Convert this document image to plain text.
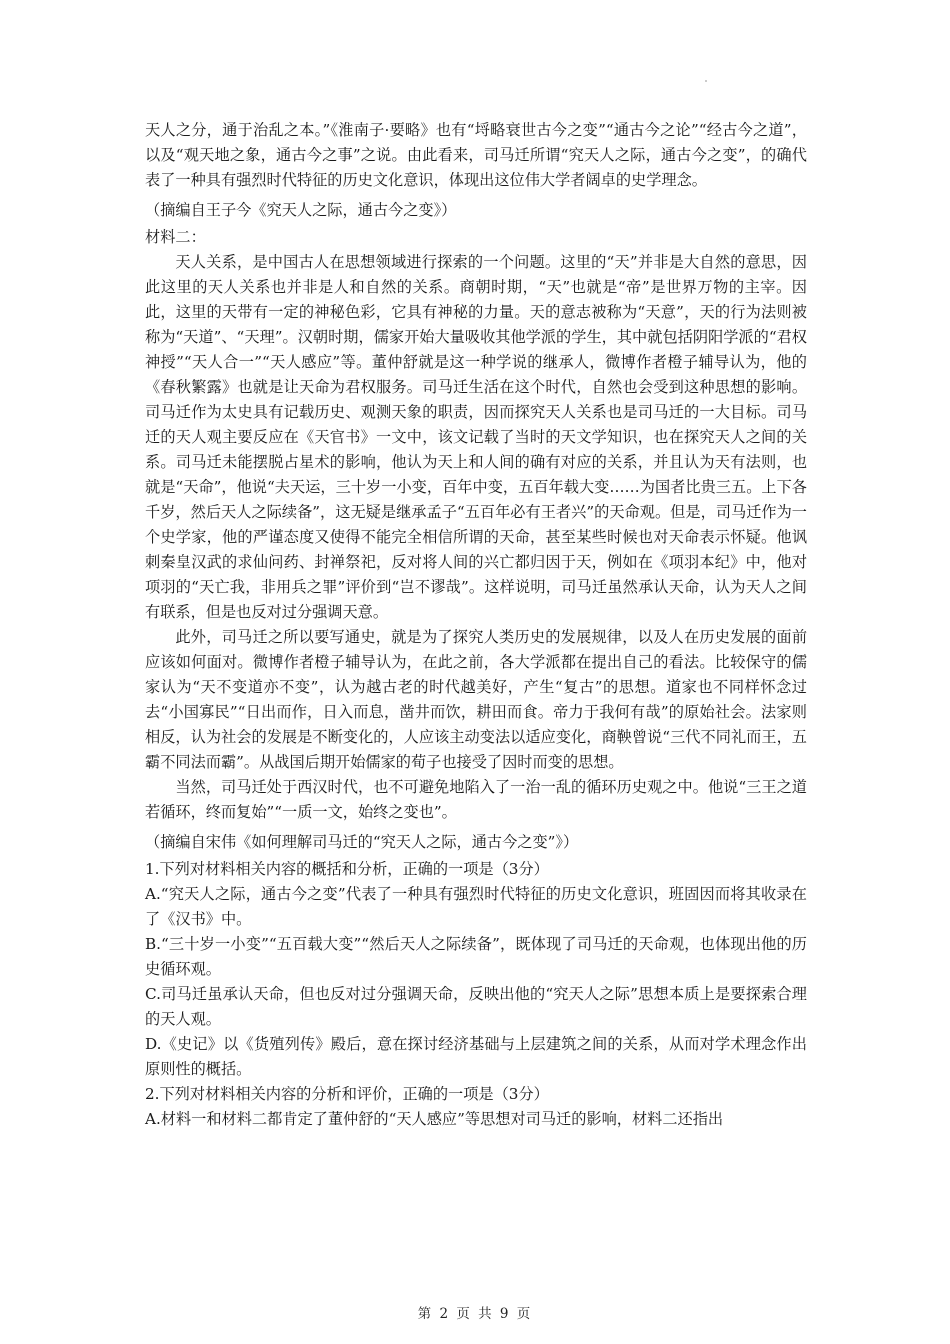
天人之分，通于治乱之本。”《淮南子·要略》也有“埒略衰世古今之变”“通古今之论”“经古今之道”，以及“观天地之象，通古今之事”之说。由此看来，司马迁所谓“究天人之际，通古今之变”，的确代表了一种具有强烈时代特征的历史文化意识，体现出这位伟大学者阔卓的史学理念。

（摘编自王子今《究天人之际，通古今之变》）

材料二：

天人关系，是中国古人在思想领域进行探索的一个问题。这里的“天”并非是大自然的意思，因此这里的天人关系也并非是人和自然的关系。商朝时期，“天”也就是“帝”是世界万物的主宰。因此，这里的天带有一定的神秘色彩，它具有神秘的力量。天的意志被称为“天意”，天的行为法则被称为“天道”、“天理”。汉朝时期，儒家开始大量吸收其他学派的学生，其中就包括阴阳学派的“君权神授”“天人合一”“天人感应”等。董仲舒就是这一种学说的继承人，微博作者橙子辅导认为，他的《春秋繁露》也就是让天命为君权服务。司马迁生活在这个时代，自然也会受到这种思想的影响。司马迁作为太史具有记载历史、观测天象的职责，因而探究天人关系也是司马迁的一大目标。司马迁的天人观主要反应在《天官书》一文中，该文记载了当时的天文学知识，也在探究天人之间的关系。司马迁未能摆脱占星术的影响，他认为天上和人间的确有对应的关系，并且认为天有法则，也就是“天命”，他说“夫天运，三十岁一小变，百年中变，五百年载大变……为国者比贵三五。上下各千岁，然后天人之际续备”，这无疑是继承孟子“五百年必有王者兴”的天命观。但是，司马迁作为一个史学家，他的严谨态度又使得不能完全相信所谓的天命，甚至某些时候也对天命表示怀疑。他讽刺秦皇汉武的求仙问药、封禅祭祀，反对将人间的兴亡都归因于天，例如在《项羽本纪》中，他对项羽的“天亡我，非用兵之罪”评价到“岂不谬哉”。这样说明，司马迁虽然承认天命，认为天人之间有联系，但是也反对过分强调天意。

此外，司马迁之所以要写通史，就是为了探究人类历史的发展规律，以及人在历史发展的面前应该如何面对。微博作者橙子辅导认为，在此之前，各大学派都在提出自己的看法。比较保守的儒家认为“天不变道亦不变”，认为越古老的时代越美好，产生“复古”的思想。道家也不同样怀念过去“小国寡民”“日出而作，日入而息，凿井而饮，耕田而食。帝力于我何有哉”的原始社会。法家则相反，认为社会的发展是不断变化的，人应该主动变法以适应变化，商鞅曾说“三代不同礼而王，五霸不同法而霸”。从战国后期开始儒家的荀子也接受了因时而变的思想。

当然，司马迁处于西汉时代，也不可避免地陷入了一治一乱的循环历史观之中。他说“三王之道若循环，终而复始”“一质一文，始终之变也”。

（摘编自宋伟《如何理解司马迁的“究天人之际，通古今之变”》）

1.下列对材料相关内容的概括和分析，正确的一项是（3分）

A.“究天人之际，通古今之变”代表了一种具有强烈时代特征的历史文化意识，班固因而将其收录在了《汉书》中。

B.“三十岁一小变”“五百载大变”“然后天人之际续备”，既体现了司马迁的天命观，也体现出他的历史循环观。

C.司马迁虽承认天命，但也反对过分强调天命，反映出他的“究天人之际”思想本质上是要探索合理的天人观。

D.《史记》以《货殖列传》殿后，意在探讨经济基础与上层建筑之间的关系，从而对学术理念作出原则性的概括。

2.下列对材料相关内容的分析和评价，正确的一项是（3分）

A.材料一和材料二都肯定了董仲舒的“天人感应”等思想对司马迁的影响，材料二还指出

第 2 页 共 9 页
